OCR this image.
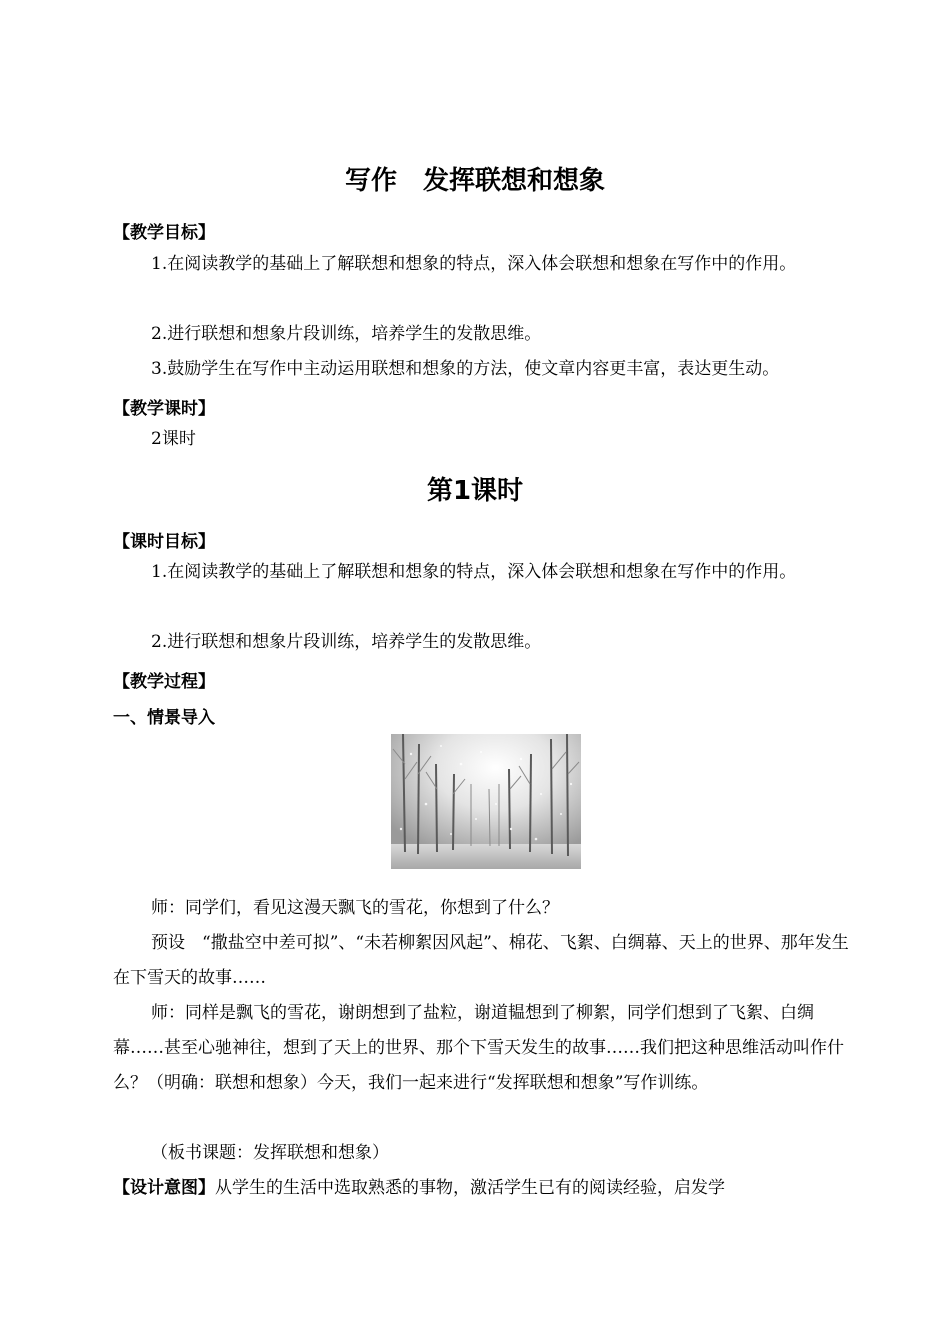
写作　发挥联想和想象
【教学目标】

1.在阅读教学的基础上了解联想和想象的特点，深入体会联想和想象在写作中的作用。

2.进行联想和想象片段训练，培养学生的发散思维。

3.鼓励学生在写作中主动运用联想和想象的方法，使文章内容更丰富，表达更生动。

【教学课时】

2课时

第1课时
【课时目标】

1.在阅读教学的基础上了解联想和想象的特点，深入体会联想和想象在写作中的作用。

2.进行联想和想象片段训练，培养学生的发散思维。

【教学过程】
一、情景导入

师：同学们，看见这漫天飘飞的雪花，你想到了什么？

预设　“撒盐空中差可拟”、“未若柳絮因风起”、棉花、飞絮、白绸幕、天上的世界、那年发生在下雪天的故事……

师：同样是飘飞的雪花，谢朗想到了盐粒，谢道韫想到了柳絮，同学们想到了飞絮、白绸幕……甚至心驰神往，想到了天上的世界、那个下雪天发生的故事……我们把这种思维活动叫作什么？（明确：联想和想象）今天，我们一起来进行“发挥联想和想象”写作训练。

（板书课题：发挥联想和想象）

【设计意图】从学生的生活中选取熟悉的事物，激活学生已有的阅读经验，启发学
